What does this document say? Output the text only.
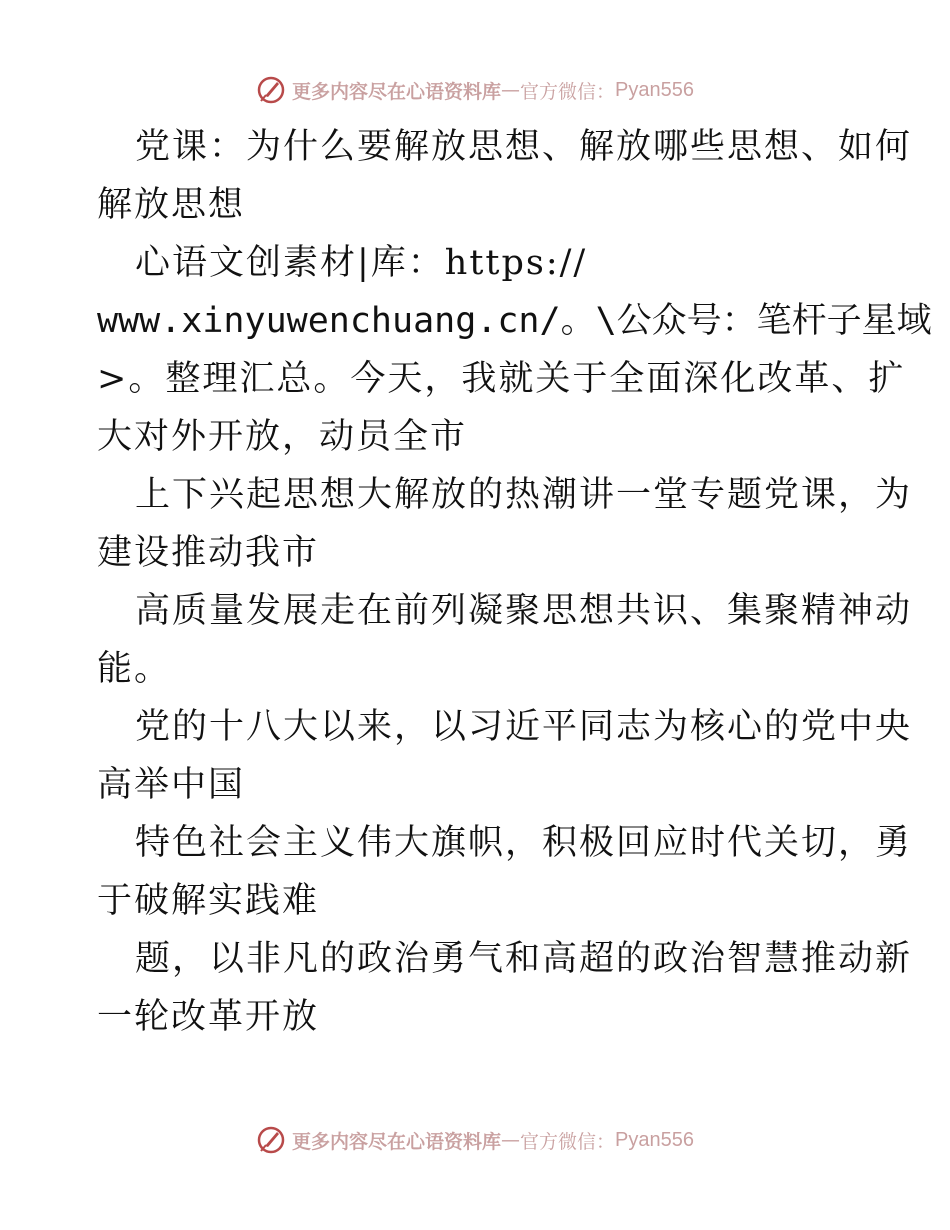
更多内容尽在心语资料库 — 官方微信： Pyan556
党课：为什么要解放思想、解放哪些思想、如何
解放思想
心语文创素材|库：https://
www.xinyuwenchuang.cn/。\公众号：笔杆子星域
>。整理汇总。今天，我就关于全面深化改革、扩
大对外开放，动员全市
上下兴起思想大解放的热潮讲一堂专题党课，为
建设推动我市
高质量发展走在前列凝聚思想共识、集聚精神动
能。
党的十八大以来，以习近平同志为核心的党中央
高举中国
特色社会主义伟大旗帜，积极回应时代关切，勇
于破解实践难
题，以非凡的政治勇气和高超的政治智慧推动新
一轮改革开放
更多内容尽在心语资料库 — 官方微信： Pyan556
